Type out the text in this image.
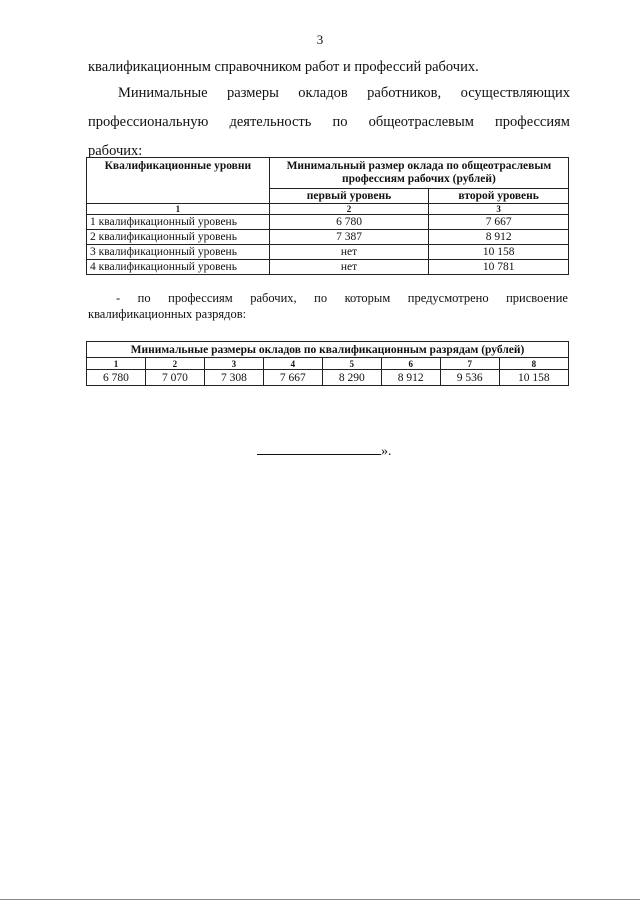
3
квалификационным справочником работ и профессий рабочих.
Минимальные размеры окладов работников, осуществляющих
профессиональную деятельность по общеотраслевым профессиям
рабочих:
Квалификационные уровни	Минимальный размер оклада по общеотраслевым профессиям рабочих (рублей)	
	первый уровень	второй уровень
1	2	3
1 квалификационный уровень	6 780	7 667
2 квалификационный уровень	7 387	8 912
3 квалификационный уровень	нет	10 158
4 квалификационный уровень	нет	10 781
- по профессиям рабочих, по которым предусмотрено присвоение
квалификационных разрядов:
Минимальные размеры окладов по квалификационным разрядам (рублей)							
1	2	3	4	5	6	7	8
6 780	7 070	7 308	7 667	8 290	8 912	9 536	10 158
».
